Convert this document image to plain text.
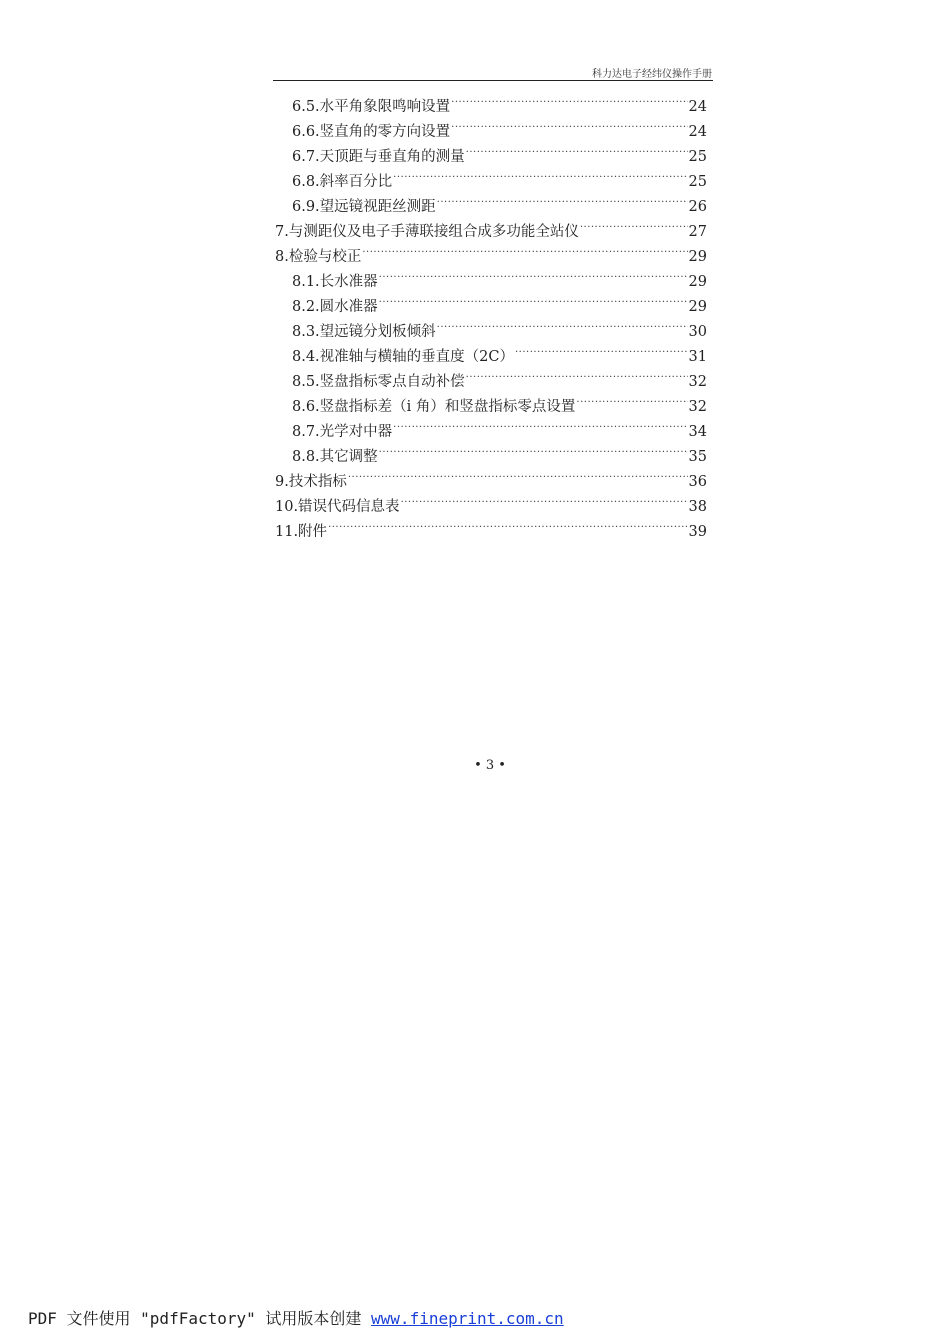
科力达电子经纬仪操作手册
6.5.水平角象限鸣响设置 .....	24
6.6.竖直角的零方向设置 .....	24
6.7.天顶距与垂直角的测量 .....	25
6.8.斜率百分比 .....	25
6.9.望远镜视距丝测距 .....	26
7.与测距仪及电子手薄联接组合成多功能全站仪 .....	27
8.检验与校正 .....	29
8.1.长水准器 .....	29
8.2.圆水准器 .....	29
8.3.望远镜分划板倾斜 .....	30
8.4.视准轴与横轴的垂直度（2C） .....	31
8.5.竖盘指标零点自动补偿 .....	32
8.6.竖盘指标差（i 角）和竖盘指标零点设置 .....	32
8.7.光学对中器 .....	34
8.8.其它调整 .....	35
9.技术指标 .....	36
10.错误代码信息表 .....	38
11.附件 .....	39
• 3 •
PDF 文件使用 "pdfFactory" 试用版本创建 www.fineprint.com.cn
